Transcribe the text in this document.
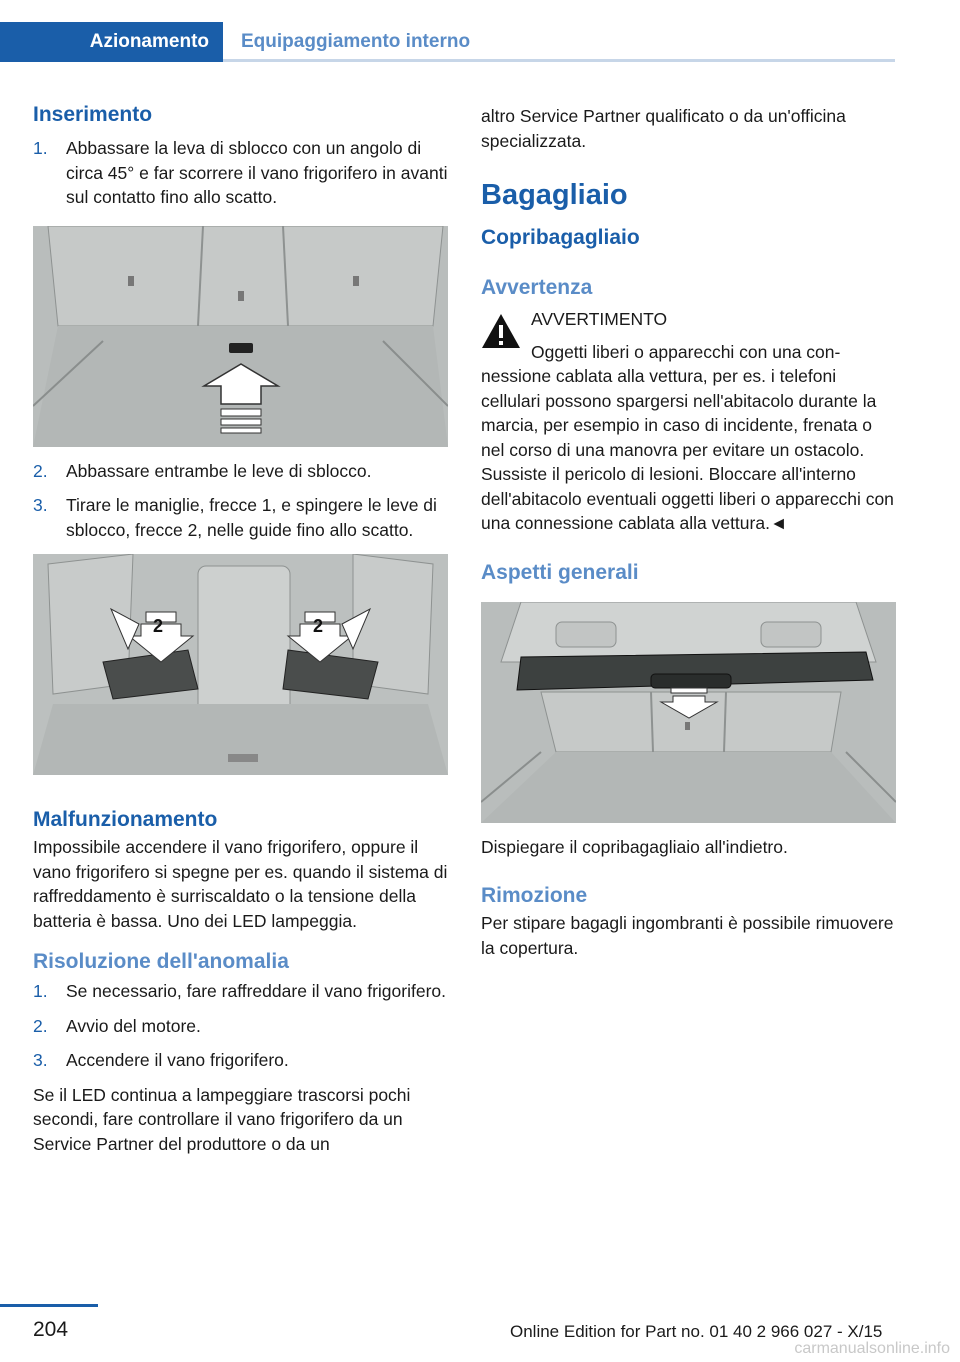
Azionamento	Equipaggiamento interno
Inserimento
1. Abbassare la leva di sblocco con un angolo di circa 45° e far scorrere il vano frigorifero in avanti sul contatto fino allo scatto.
2. Abbassare entrambe le leve di sblocco.
3. Tirare le maniglie, frecce 1, e spingere le leve di sblocco, frecce 2, nelle guide fino allo scatto.
2	2
Malfunzionamento

Impossibile accendere il vano frigorifero, oppure il vano frigorifero si spegne per es. quando il sistema di raffreddamento è surriscaldato o la tensione della batteria è bassa. Uno dei LED lampeggia.

Risoluzione dell'anomalia
1. Se necessario, fare raffreddare il vano frigorifero.
2. Avvio del motore.
3. Accendere il vano frigorifero.

Se il LED continua a lampeggiare trascorsi pochi secondi, fare controllare il vano frigorifero da un Service Partner del produttore o da un

altro Service Partner qualificato o da un'officina specializzata.

Bagagliaio
Copribagagliaio
Avvertenza
AVVERTIMENTO

Oggetti liberi o apparecchi con una con-
nessione cablata alla vettura, per es. i telefoni cellulari possono spargersi nell'abitacolo durante la marcia, per esempio in caso di incidente, frenata o nel corso di una manovra per evitare un ostacolo. Sussiste il pericolo di lesioni. Bloccare all'interno dell'abitacolo eventuali oggetti liberi o apparecchi con una connessione cablata alla vettura.◄

Aspetti generali

Dispiegare il copribagagliaio all'indietro.

Rimozione

Per stipare bagagli ingombranti è possibile rimuovere la copertura.

204	Online Edition for Part no. 01 40 2 966 027 - X/15
carmanualsonline.info
